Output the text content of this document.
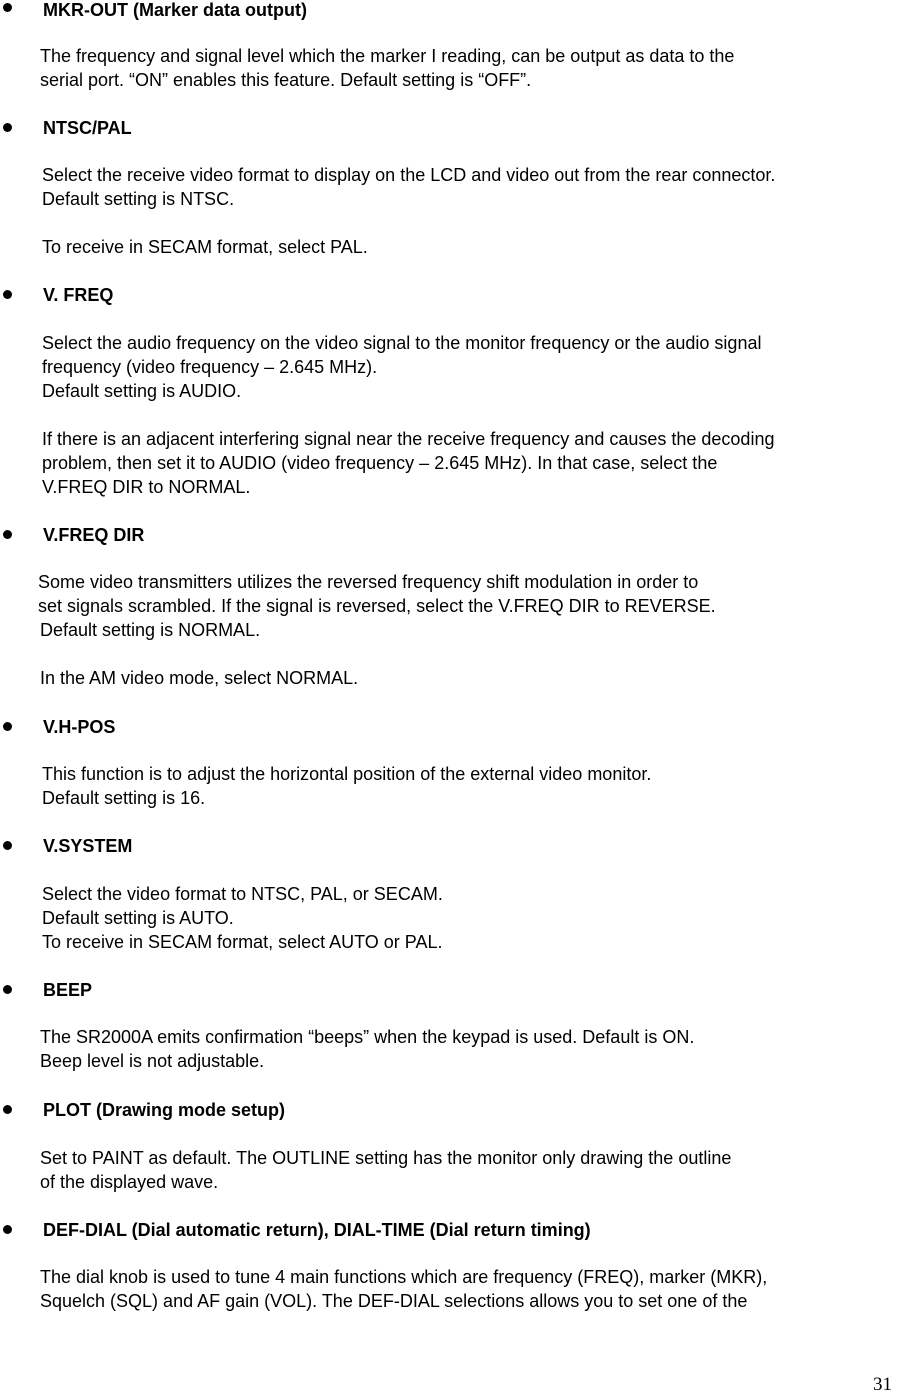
MKR-OUT (Marker data output)
The frequency and signal level which the marker I reading, can be output as data to the
serial port. “ON” enables this feature. Default setting is “OFF”.
NTSC/PAL
Select the receive video format to display on the LCD and video out from the rear connector.
Default setting is NTSC.
To receive in SECAM format, select PAL.
V. FREQ
Select the audio frequency on the video signal to the monitor frequency or the audio signal
frequency (video frequency – 2.645 MHz).
Default setting is AUDIO.
If there is an adjacent interfering signal near the receive frequency and causes the decoding
problem, then set it to AUDIO (video frequency – 2.645 MHz). In that case, select the
V.FREQ DIR to NORMAL.
V.FREQ DIR
Some video transmitters utilizes the reversed frequency shift modulation in order to
set signals scrambled. If the signal is reversed, select the V.FREQ DIR to REVERSE.
Default setting is NORMAL.
In the AM video mode, select NORMAL.
V.H-POS
This function is to adjust the horizontal position of the external video monitor.
Default setting is 16.
V.SYSTEM
Select the video format to NTSC, PAL, or SECAM.
Default setting is AUTO.
To receive in SECAM format, select AUTO or PAL.
BEEP
The SR2000A emits confirmation “beeps” when the keypad is used. Default is ON.
Beep level is not adjustable.
PLOT (Drawing mode setup)
Set to PAINT as default. The OUTLINE setting has the monitor only drawing the outline
of the displayed wave.
DEF-DIAL (Dial automatic return), DIAL-TIME (Dial return timing)
The dial knob is used to tune 4 main functions which are frequency (FREQ), marker (MKR),
Squelch (SQL) and AF gain (VOL). The DEF-DIAL selections allows you to set one of the
31
